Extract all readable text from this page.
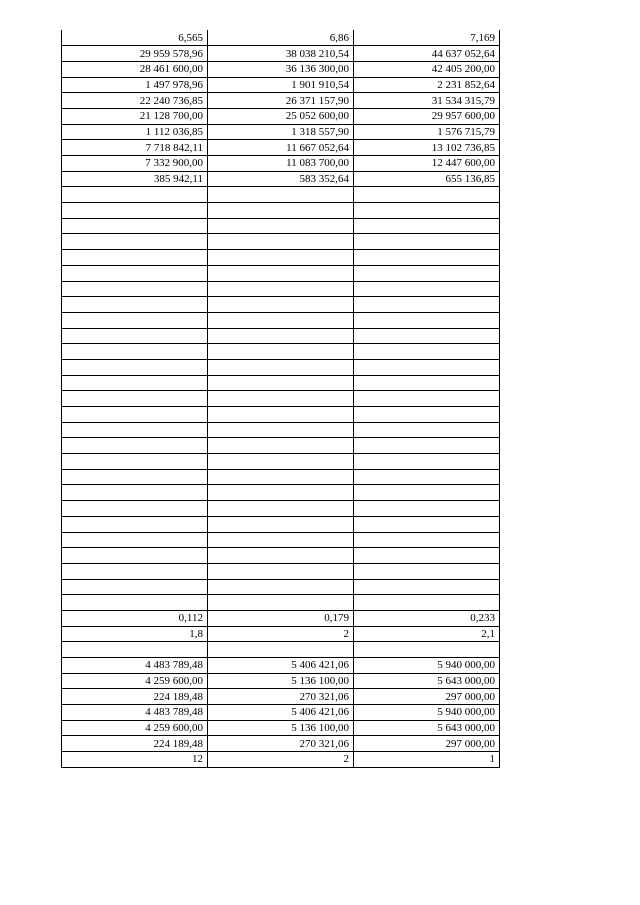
6,565	6,86	7,169
29 959 578,96	38 038 210,54	44 637 052,64
28 461 600,00	36 136 300,00	42 405 200,00
1 497 978,96	1 901 910,54	2 231 852,64
22 240 736,85	26 371 157,90	31 534 315,79
21 128 700,00	25 052 600,00	29 957 600,00
1 112 036,85	1 318 557,90	1 576 715,79
7 718 842,11	11 667 052,64	13 102 736,85
7 332 900,00	11 083 700,00	12 447 600,00
385 942,11	583 352,64	655 136,85

0,112	0,179	0,233
1,8	2	2,1

4 483 789,48	5 406 421,06	5 940 000,00
4 259 600,00	5 136 100,00	5 643 000,00
224 189,48	270 321,06	297 000,00
4 483 789,48	5 406 421,06	5 940 000,00
4 259 600,00	5 136 100,00	5 643 000,00
224 189,48	270 321,06	297 000,00
12	2	1
